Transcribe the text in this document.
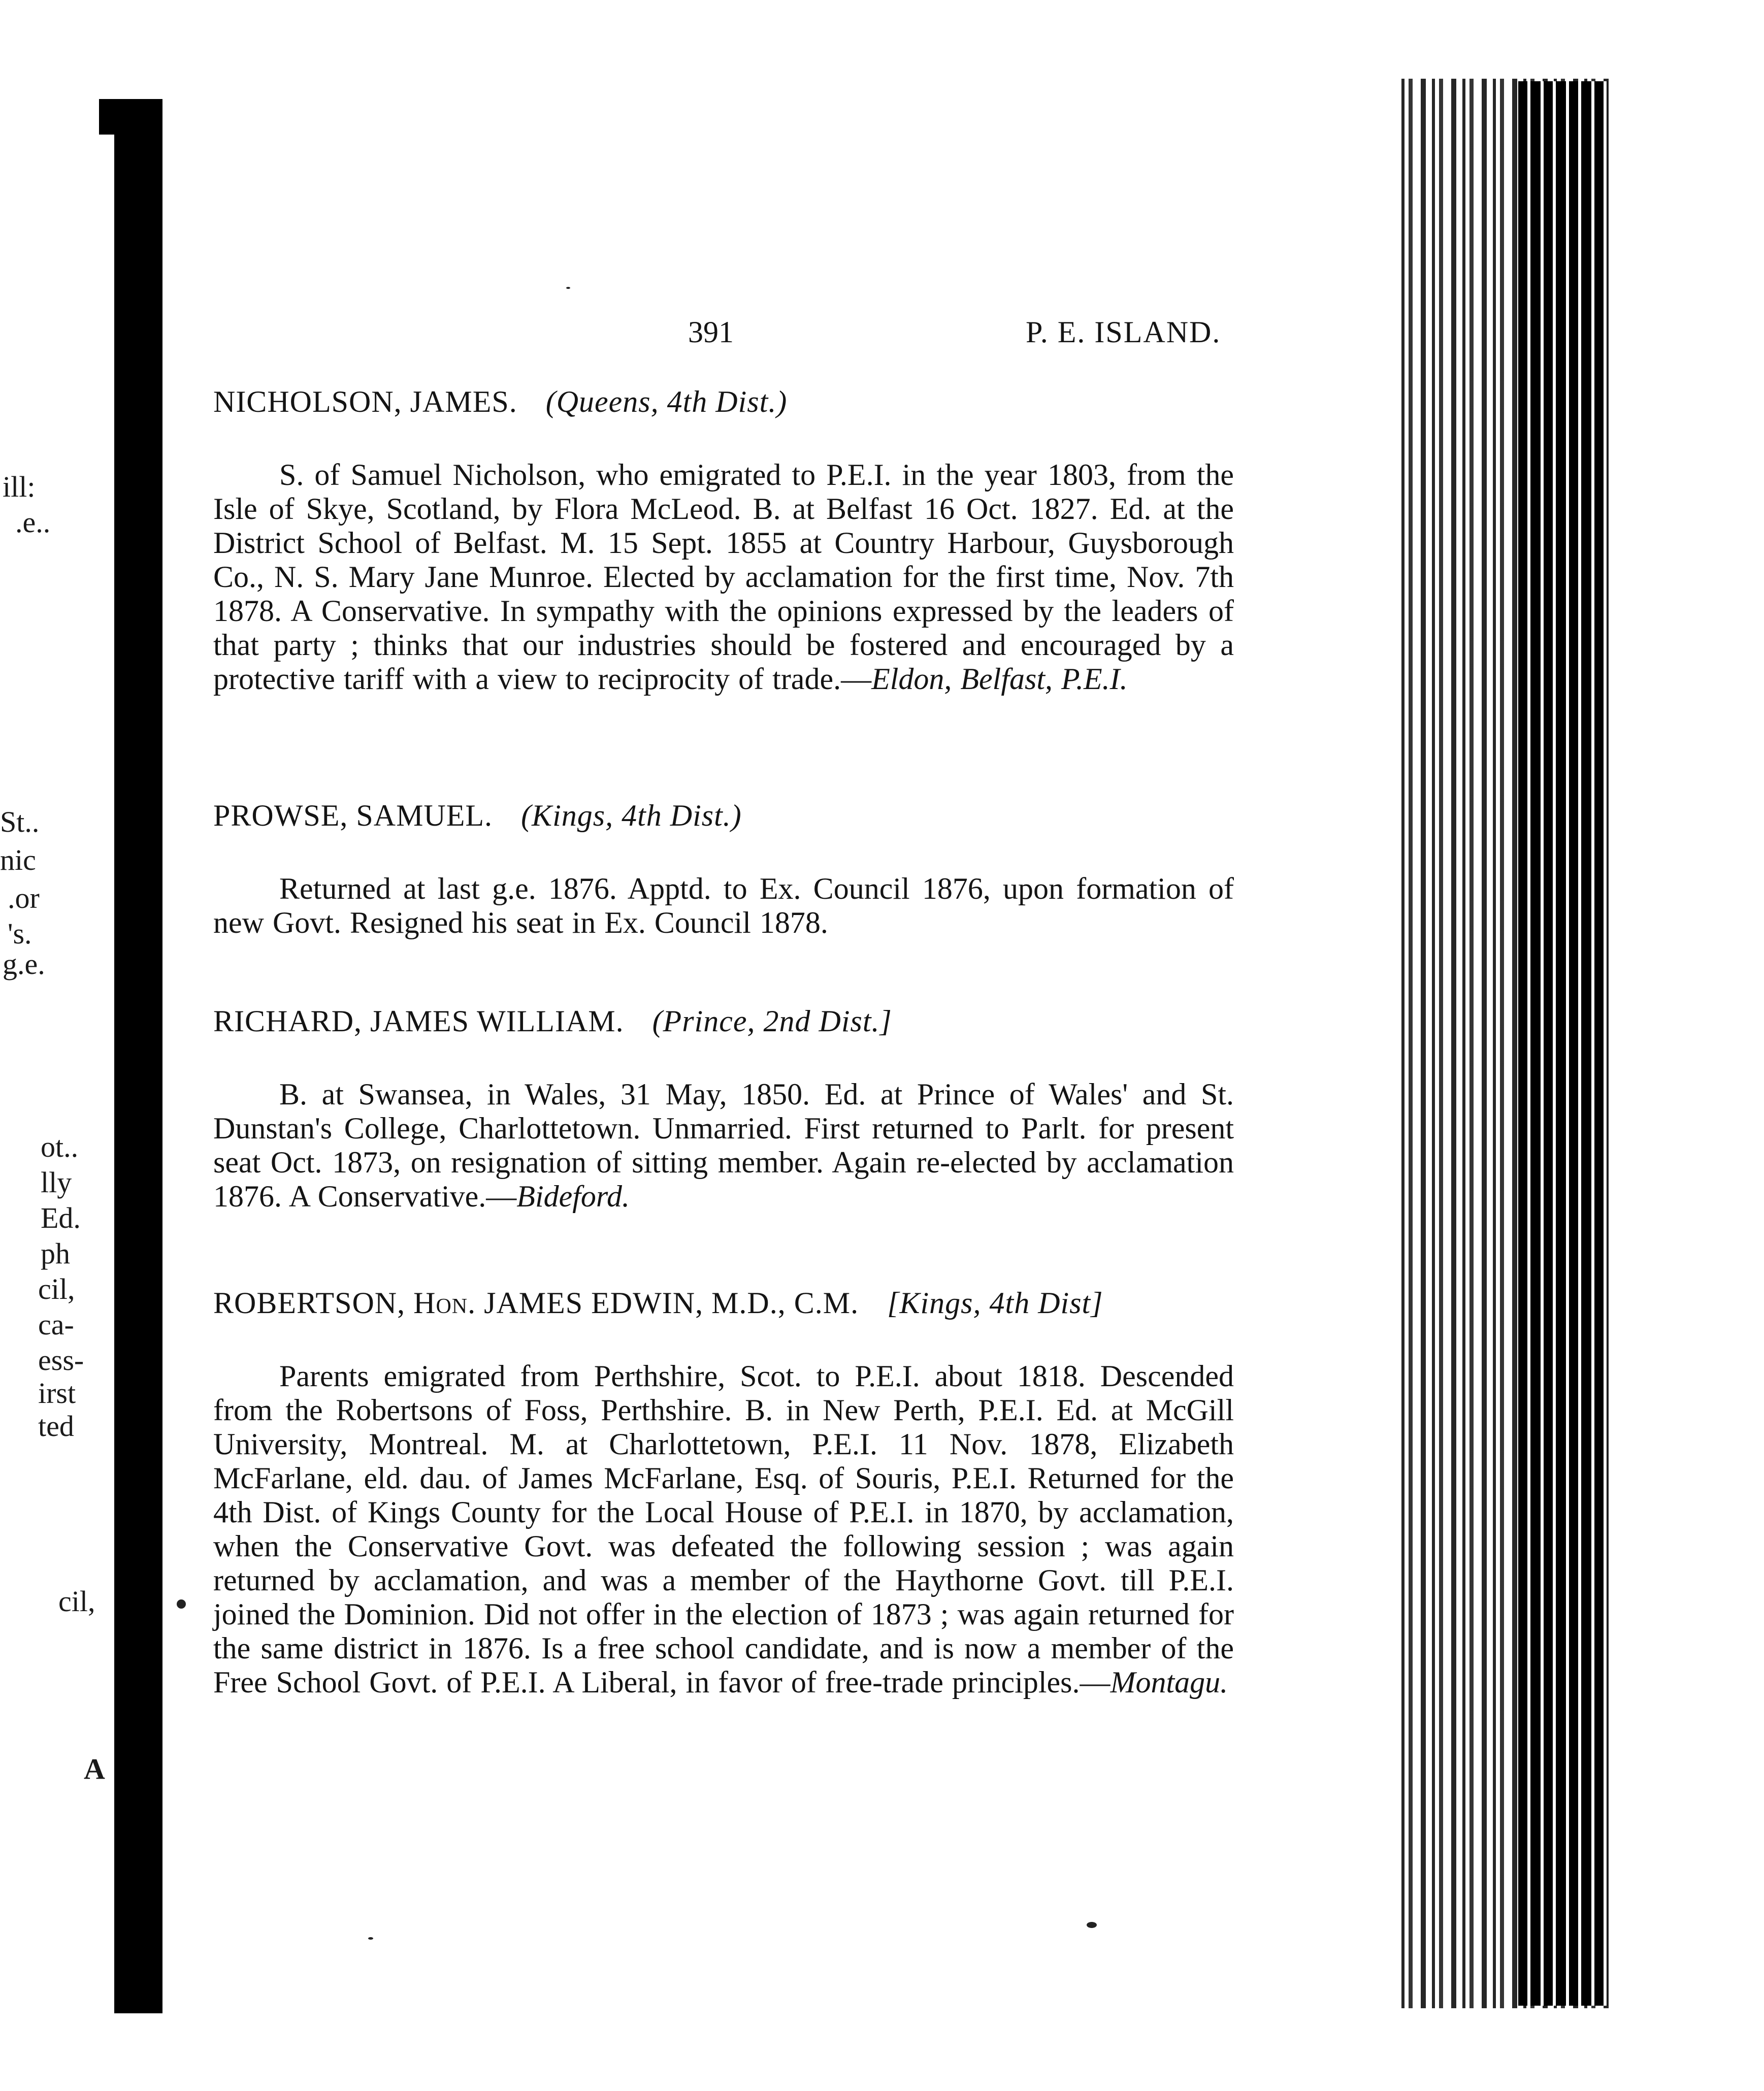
ill:
.e..
St..
nic
.or
's.
g.e.
ot..
lly
Ed.
ph
cil,
ca-
ess-
irst
ted
cil,
A
391	P. E. ISLAND.

NICHOLSON, JAMES. (Queens, 4th Dist.)

S. of Samuel Nicholson, who emigrated to P.E.I. in the year 1803, from the Isle of Skye, Scotland, by Flora McLeod. B. at Belfast 16 Oct. 1827. Ed. at the District School of Belfast. M. 15 Sept. 1855 at Country Harbour, Guysborough Co., N. S. Mary Jane Munroe. Elected by acclamation for the first time, Nov. 7th 1878. A Conservative. In sympathy with the opinions expressed by the leaders of that party ; thinks that our industries should be fostered and encouraged by a protective tariff with a view to reciprocity of trade.—Eldon, Belfast, P.E.I.

PROWSE, SAMUEL. (Kings, 4th Dist.)

Returned at last g.e. 1876. Apptd. to Ex. Council 1876, upon formation of new Govt. Resigned his seat in Ex. Council 1878.

RICHARD, JAMES WILLIAM. (Prince, 2nd Dist.]

B. at Swansea, in Wales, 31 May, 1850. Ed. at Prince of Wales' and St. Dunstan's College, Charlottetown. Unmarried. First returned to Parlt. for present seat Oct. 1873, on resignation of sitting member. Again re-elected by acclamation 1876. A Conservative.—Bideford.

ROBERTSON, Hon. JAMES EDWIN, M.D., C.M. [Kings, 4th Dist]

Parents emigrated from Perthshire, Scot. to P.E.I. about 1818. Descended from the Robertsons of Foss, Perthshire. B. in New Perth, P.E.I. Ed. at McGill University, Montreal. M. at Charlottetown, P.E.I. 11 Nov. 1878, Elizabeth McFarlane, eld. dau. of James McFarlane, Esq. of Souris, P.E.I. Returned for the 4th Dist. of Kings County for the Local House of P.E.I. in 1870, by acclamation, when the Conservative Govt. was defeated the following session ; was again returned by acclamation, and was a member of the Haythorne Govt. till P.E.I. joined the Dominion. Did not offer in the election of 1873 ; was again returned for the same district in 1876. Is a free school candidate, and is now a member of the Free School Govt. of P.E.I. A Liberal, in favor of free-trade principles.—Montagu.
